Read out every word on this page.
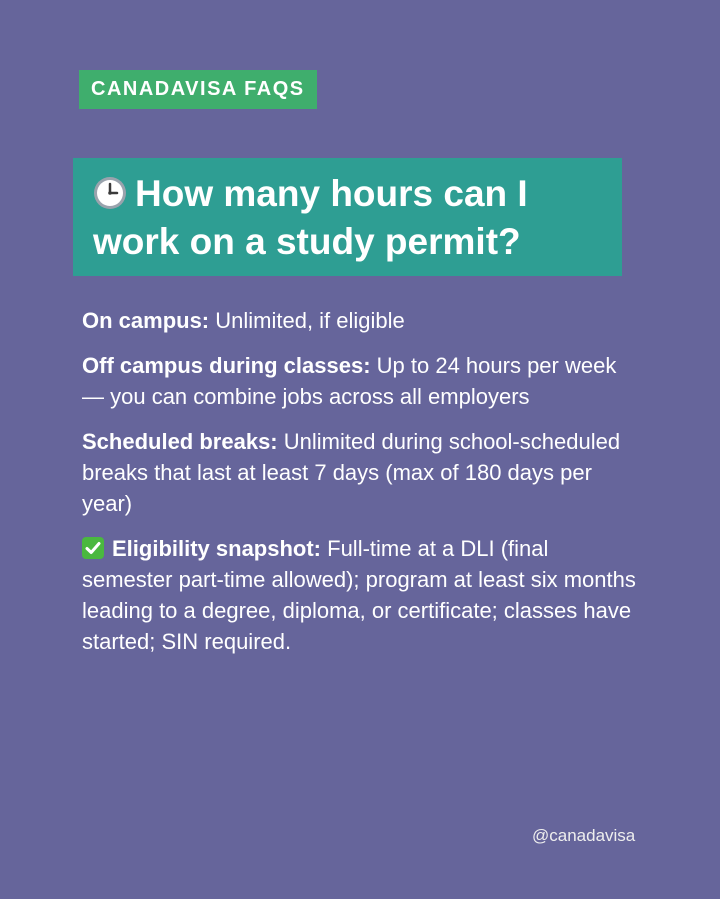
CANADAVISA FAQS
How many hours can I
work on a study permit?

On campus: Unlimited, if eligible

Off campus during classes: Up to 24 hours per week — you can combine jobs across all employers

Scheduled breaks: Unlimited during school-scheduled breaks that last at least 7 days (max of 180 days per year)

Eligibility snapshot: Full-time at a DLI (final semester part-time allowed); program at least six months leading to a degree, diploma, or certificate; classes have started; SIN required.

@canadavisa
